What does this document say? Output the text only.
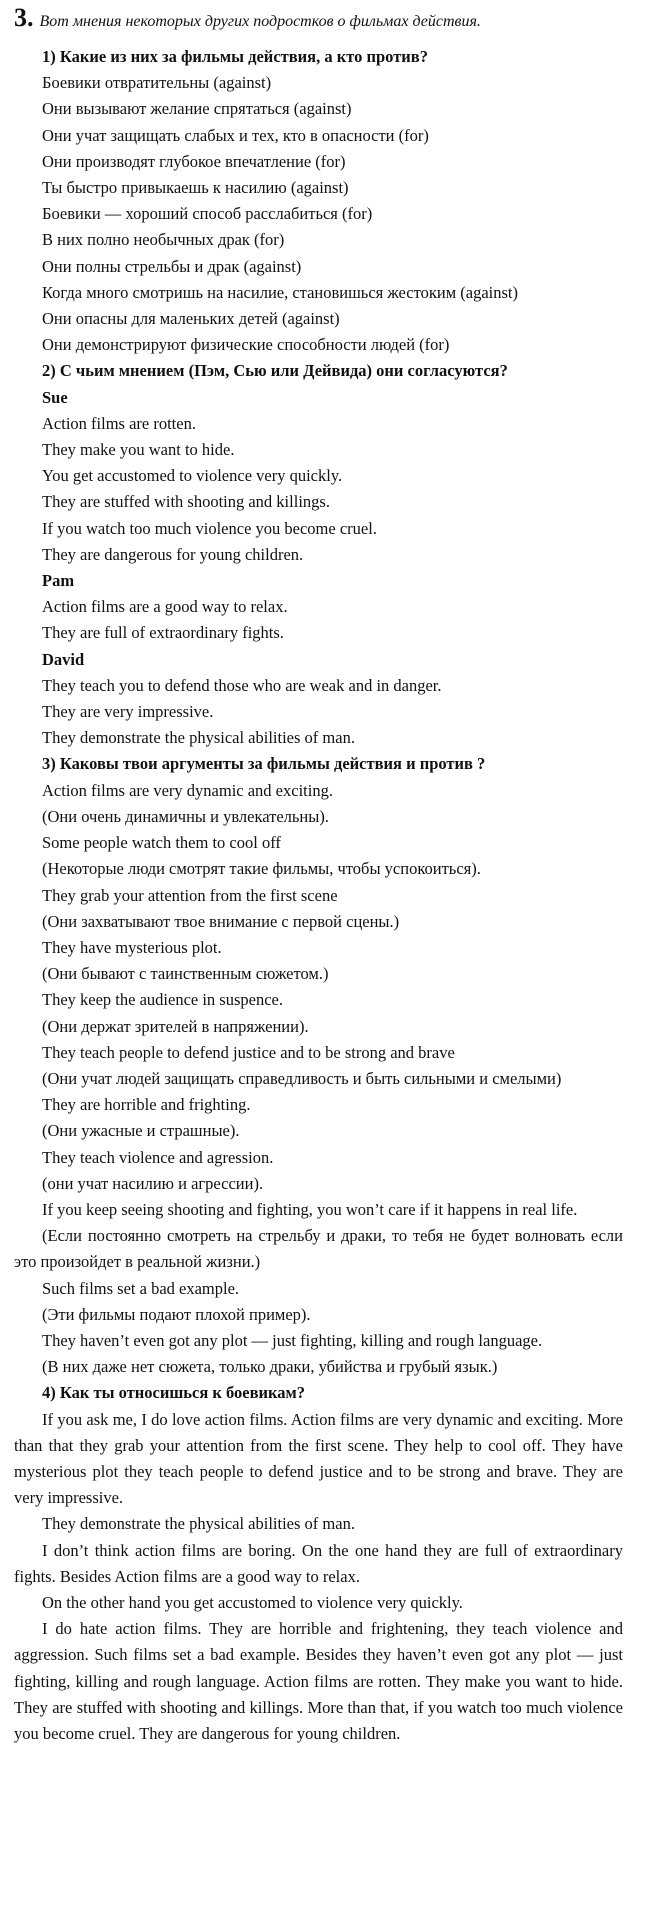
3. Вот мнения некоторых других подростков о фильмах действия.

1) Какие из них за фильмы действия, а кто против?

Боевики отвратительны (against)

Они вызывают желание спрятаться (against)

Они учат защищать слабых и тех, кто в опасности (for)

Они производят глубокое впечатление (for)

Ты быстро привыкаешь к насилию (against)

Боевики — хороший способ расслабиться (for)

В них полно необычных драк (for)

Они полны стрельбы и драк (against)

Когда много смотришь на насилие, становишься жестоким (against)

Они опасны для маленьких детей (against)

Они демонстрируют физические способности людей (for)

2) С чьим мнением (Пэм, Сью или Дейвида) они согласуются?

Sue

Action films are rotten.

They make you want to hide.

You get accustomed to violence very quickly.

They are stuffed with shooting and killings.

If you watch too much violence you become cruel.

They are dangerous for young children.

Pam

Action films are a good way to relax.

They are full of extraordinary fights.

David

They teach you to defend those who are weak and in danger.

They are very impressive.

They demonstrate the physical abilities of man.

3) Каковы твои аргументы за фильмы действия и против ?

Action films are very dynamic and exciting.

(Они очень динамичны и увлекательны).

Some people watch them to cool off

(Некоторые люди смотрят такие фильмы, чтобы успокоиться).

They grab your attention from the first scene

(Они захватывают твое внимание с первой сцены.)

They have mysterious plot.

(Они бывают с таинственным сюжетом.)

They keep the audience in suspence.

(Они держат зрителей в напряжении).

They teach people to defend justice and to be strong and brave

(Они учат людей защищать справедливость и быть сильными и смелыми)

They are horrible and frighting.

(Они ужасные и страшные).

They teach violence and agression.

(они учат насилию и агрессии).

If you keep seeing shooting and fighting, you won’t care if it happens in real life.

(Если постоянно смотреть на стрельбу и драки, то тебя не будет волновать если это произойдет в реальной жизни.)

Such films set a bad example.

(Эти фильмы подают плохой пример).

They haven’t even got any plot — just fighting, killing and rough language.

(В них даже нет сюжета, только драки, убийства и грубый язык.)

4) Как ты относишься к боевикам?

If you ask me, I do love action films. Action films are very dynamic and exciting. More than that they grab your attention from the first scene. They help to cool off. They have mysterious plot they teach people to defend justice and to be strong and brave. They are very impressive.

They demonstrate the physical abilities of man.

I don’t think action films are boring. On the one hand they are full of extraordinary fights. Besides Action films are a good way to relax.

On the other hand you get accustomed to violence very quickly.

I do hate action films. They are horrible and frightening, they teach violence and aggression. Such films set a bad example. Besides they haven’t even got any plot — just fighting, killing and rough language. Action films are rotten. They make you want to hide. They are stuffed with shooting and killings. More than that, if you watch too much violence you become cruel. They are dangerous for young children.
